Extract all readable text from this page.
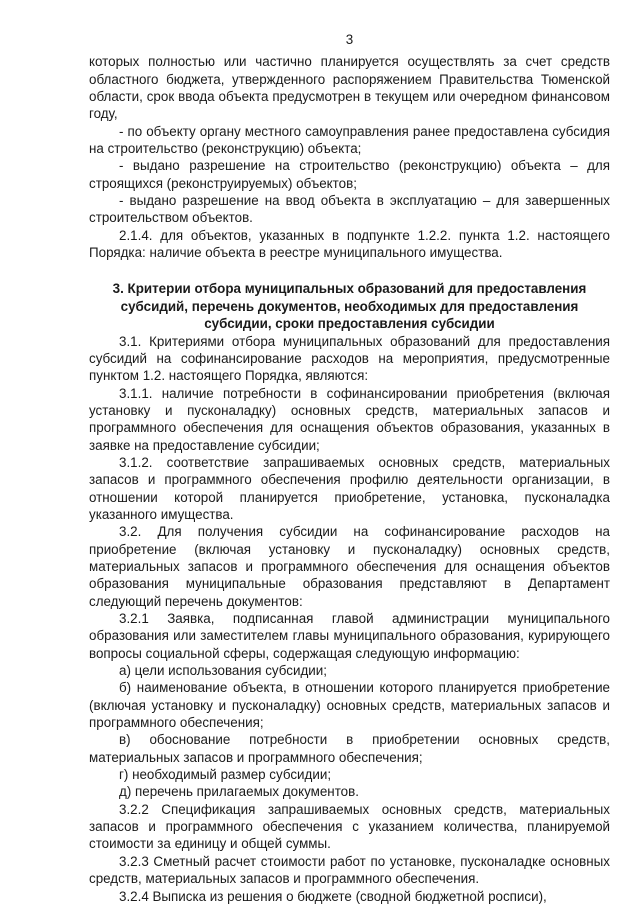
3

которых полностью или частично планируется осуществлять за счет средств областного бюджета, утвержденного распоряжением Правительства Тюменской области, срок ввода объекта предусмотрен в текущем или очередном финансовом году,

- по объекту органу местного самоуправления ранее предоставлена субсидия на строительство (реконструкцию) объекта;

- выдано разрешение на строительство (реконструкцию) объекта – для строящихся (реконструируемых) объектов;

- выдано разрешение на ввод объекта в эксплуатацию – для завершенных строительством объектов.

2.1.4. для объектов, указанных в подпункте 1.2.2. пункта 1.2. настоящего Порядка: наличие объекта в реестре муниципального имущества.

3. Критерии отбора муниципальных образований для предоставления субсидий, перечень документов, необходимых для предоставления субсидии, сроки предоставления субсидии

3.1. Критериями отбора муниципальных образований для предоставления субсидий на софинансирование расходов на мероприятия, предусмотренные пунктом 1.2. настоящего Порядка, являются:

3.1.1. наличие потребности в софинансировании приобретения (включая установку и пусконаладку) основных средств, материальных запасов и программного обеспечения для оснащения объектов образования, указанных в заявке на предоставление субсидии;

3.1.2. соответствие запрашиваемых основных средств, материальных запасов и программного обеспечения профилю деятельности организации, в отношении которой планируется приобретение, установка, пусконаладка указанного имущества.

3.2. Для получения субсидии на софинансирование расходов на приобретение (включая установку и пусконаладку) основных средств, материальных запасов и программного обеспечения для оснащения объектов образования муниципальные образования представляют в Департамент следующий перечень документов:

3.2.1 Заявка, подписанная главой администрации муниципального образования или заместителем главы муниципального образования, курирующего вопросы социальной сферы, содержащая следующую информацию:

а) цели использования субсидии;

б) наименование объекта, в отношении которого планируется приобретение (включая установку и пусконаладку) основных средств, материальных запасов и программного обеспечения;

в) обоснование потребности в приобретении основных средств, материальных запасов и программного обеспечения;

г) необходимый размер субсидии;

д) перечень прилагаемых документов.

3.2.2 Спецификация запрашиваемых основных средств, материальных запасов и программного обеспечения с указанием количества, планируемой стоимости за единицу и общей суммы.

3.2.3 Сметный расчет стоимости работ по установке, пусконаладке основных средств, материальных запасов и программного обеспечения.

3.2.4 Выписка из решения о бюджете (сводной бюджетной росписи),
